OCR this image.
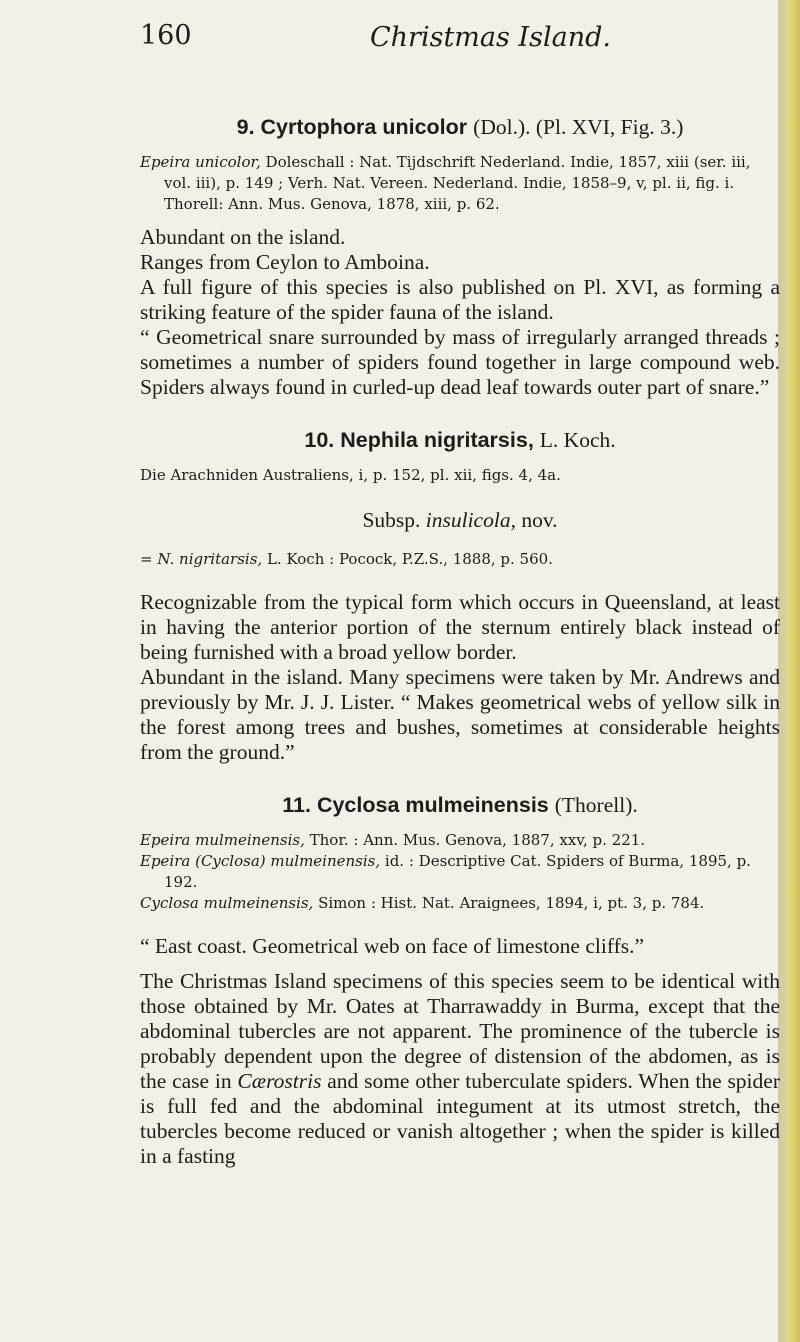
160	Christmas Island.
9. Cyrtophora unicolor (Dol.). (Pl. XVI, Fig. 3.)
Epeira unicolor, Doleschall : Nat. Tijdschrift Nederland. Indie, 1857, xiii (ser. iii, vol. iii), p. 149 ; Verh. Nat. Vereen. Nederland. Indie, 1858–9, v, pl. ii, fig. i. Thorell: Ann. Mus. Genova, 1878, xiii, p. 62.

Abundant on the island.

Ranges from Ceylon to Amboina.

A full figure of this species is also published on Pl. XVI, as forming a striking feature of the spider fauna of the island.

“ Geometrical snare surrounded by mass of irregularly arranged threads ; sometimes a number of spiders found together in large compound web. Spiders always found in curled-up dead leaf towards outer part of snare.”

10. Nephila nigritarsis, L. Koch.
Die Arachniden Australiens, i, p. 152, pl. xii, figs. 4, 4a.
Subsp. insulicola, nov.
= N. nigritarsis, L. Koch : Pocock, P.Z.S., 1888, p. 560.

Recognizable from the typical form which occurs in Queensland, at least in having the anterior portion of the sternum entirely black instead of being furnished with a broad yellow border.

Abundant in the island. Many specimens were taken by Mr. Andrews and previously by Mr. J. J. Lister. “ Makes geometrical webs of yellow silk in the forest among trees and bushes, sometimes at considerable heights from the ground.”

11. Cyclosa mulmeinensis (Thorell).
Epeira mulmeinensis, Thor. : Ann. Mus. Genova, 1887, xxv, p. 221.
Epeira (Cyclosa) mulmeinensis, id. : Descriptive Cat. Spiders of Burma, 1895, p. 192.
Cyclosa mulmeinensis, Simon : Hist. Nat. Araignees, 1894, i, pt. 3, p. 784.

“ East coast. Geometrical web on face of limestone cliffs.”

The Christmas Island specimens of this species seem to be identical with those obtained by Mr. Oates at Tharrawaddy in Burma, except that the abdominal tubercles are not apparent. The prominence of the tubercle is probably dependent upon the degree of distension of the abdomen, as is the case in Cærostris and some other tuberculate spiders. When the spider is full fed and the abdominal integument at its utmost stretch, the tubercles become reduced or vanish altogether ; when the spider is killed in a fasting
